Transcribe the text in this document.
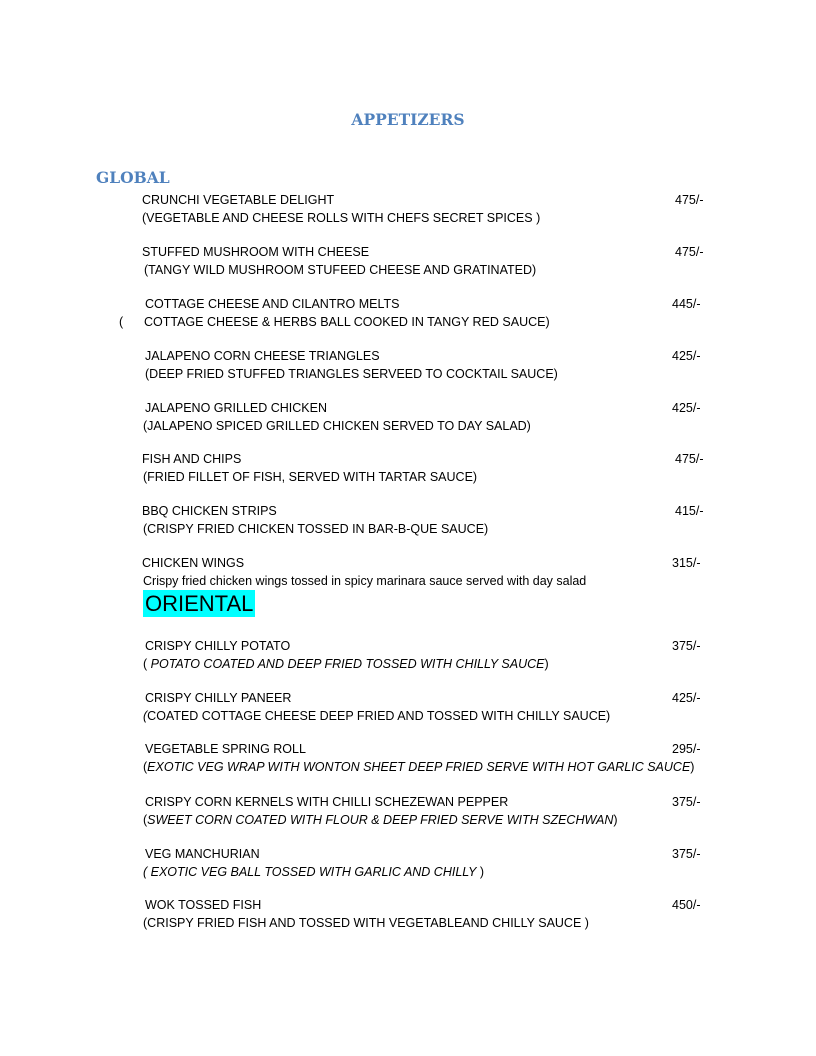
APPETIZERS
GLOBAL
CRUNCHI VEGETABLE DELIGHT	475/-
(VEGETABLE AND CHEESE ROLLS WITH CHEFS SECRET SPICES )
STUFFED MUSHROOM WITH CHEESE	475/-
(TANGY WILD MUSHROOM STUFEED CHEESE AND GRATINATED)
COTTAGE CHEESE AND CILANTRO MELTS	445/-
( COTTAGE CHEESE & HERBS BALL COOKED IN TANGY RED SAUCE)
JALAPENO CORN CHEESE TRIANGLES	425/-
(DEEP FRIED STUFFED TRIANGLES SERVEED TO COCKTAIL SAUCE)
JALAPENO GRILLED CHICKEN	425/-
(JALAPENO SPICED GRILLED CHICKEN SERVED TO DAY SALAD)
FISH AND CHIPS	475/-
(FRIED FILLET OF FISH, SERVED WITH TARTAR SAUCE)
BBQ CHICKEN STRIPS	415/-
(CRISPY FRIED CHICKEN TOSSED IN BAR-B-QUE SAUCE)
CHICKEN WINGS	315/-
Crispy fried chicken wings tossed in spicy marinara sauce served with day salad
ORIENTAL
CRISPY CHILLY POTATO	375/-
( POTATO COATED AND DEEP FRIED TOSSED WITH CHILLY SAUCE)
CRISPY CHILLY PANEER	425/-
(COATED COTTAGE CHEESE DEEP FRIED AND TOSSED WITH CHILLY SAUCE)
VEGETABLE SPRING ROLL	295/-
(EXOTIC VEG WRAP WITH WONTON SHEET DEEP FRIED SERVE WITH HOT GARLIC SAUCE)
CRISPY CORN KERNELS WITH CHILLI SCHEZEWAN PEPPER	375/-
(SWEET CORN COATED WITH FLOUR & DEEP FRIED SERVE WITH SZECHWAN)
VEG MANCHURIAN	375/-
( EXOTIC VEG BALL TOSSED WITH GARLIC AND CHILLY )
WOK TOSSED FISH	450/-
(CRISPY FRIED FISH AND TOSSED WITH VEGETABLEAND CHILLY SAUCE )
